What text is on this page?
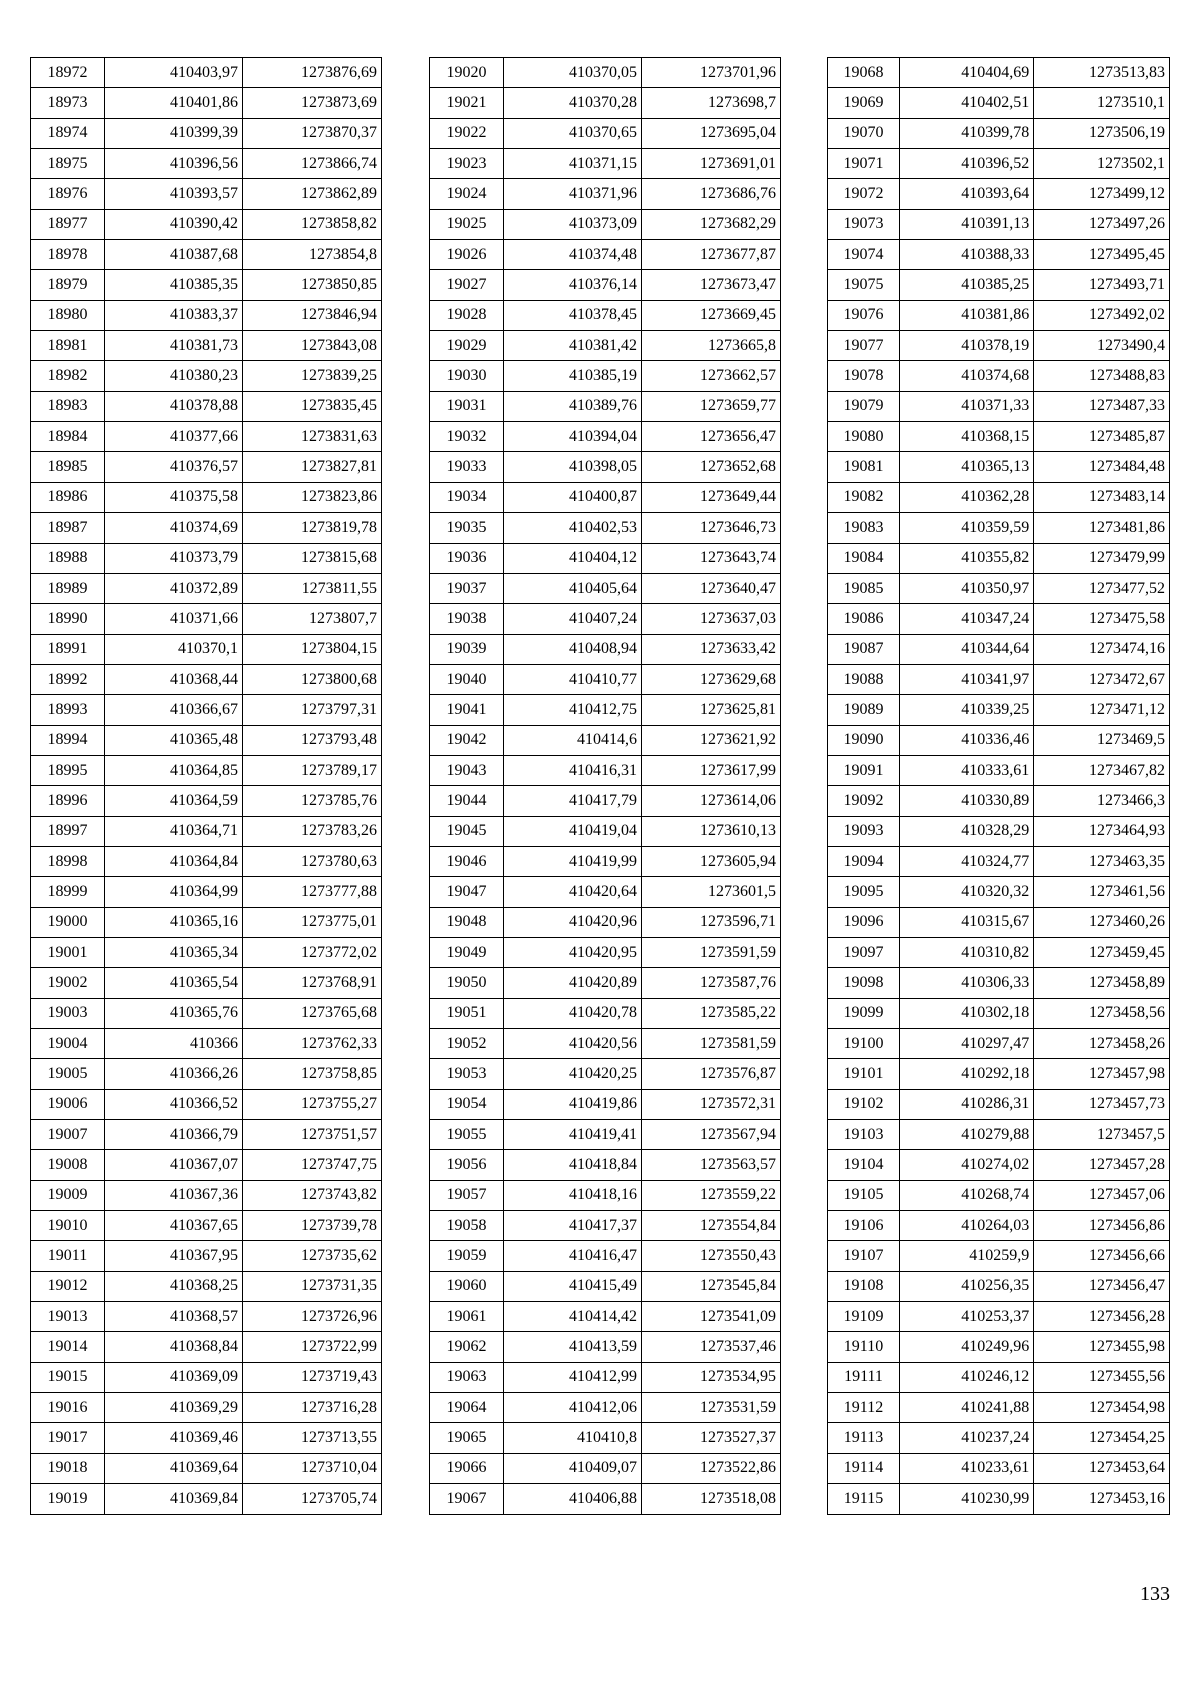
18972	410403,97	1273876,69
18973	410401,86	1273873,69
18974	410399,39	1273870,37
18975	410396,56	1273866,74
18976	410393,57	1273862,89
18977	410390,42	1273858,82
18978	410387,68	1273854,8
18979	410385,35	1273850,85
18980	410383,37	1273846,94
18981	410381,73	1273843,08
18982	410380,23	1273839,25
18983	410378,88	1273835,45
18984	410377,66	1273831,63
18985	410376,57	1273827,81
18986	410375,58	1273823,86
18987	410374,69	1273819,78
18988	410373,79	1273815,68
18989	410372,89	1273811,55
18990	410371,66	1273807,7
18991	410370,1	1273804,15
18992	410368,44	1273800,68
18993	410366,67	1273797,31
18994	410365,48	1273793,48
18995	410364,85	1273789,17
18996	410364,59	1273785,76
18997	410364,71	1273783,26
18998	410364,84	1273780,63
18999	410364,99	1273777,88
19000	410365,16	1273775,01
19001	410365,34	1273772,02
19002	410365,54	1273768,91
19003	410365,76	1273765,68
19004	410366	1273762,33
19005	410366,26	1273758,85
19006	410366,52	1273755,27
19007	410366,79	1273751,57
19008	410367,07	1273747,75
19009	410367,36	1273743,82
19010	410367,65	1273739,78
19011	410367,95	1273735,62
19012	410368,25	1273731,35
19013	410368,57	1273726,96
19014	410368,84	1273722,99
19015	410369,09	1273719,43
19016	410369,29	1273716,28
19017	410369,46	1273713,55
19018	410369,64	1273710,04
19019	410369,84	1273705,74
19020	410370,05	1273701,96
19021	410370,28	1273698,7
19022	410370,65	1273695,04
19023	410371,15	1273691,01
19024	410371,96	1273686,76
19025	410373,09	1273682,29
19026	410374,48	1273677,87
19027	410376,14	1273673,47
19028	410378,45	1273669,45
19029	410381,42	1273665,8
19030	410385,19	1273662,57
19031	410389,76	1273659,77
19032	410394,04	1273656,47
19033	410398,05	1273652,68
19034	410400,87	1273649,44
19035	410402,53	1273646,73
19036	410404,12	1273643,74
19037	410405,64	1273640,47
19038	410407,24	1273637,03
19039	410408,94	1273633,42
19040	410410,77	1273629,68
19041	410412,75	1273625,81
19042	410414,6	1273621,92
19043	410416,31	1273617,99
19044	410417,79	1273614,06
19045	410419,04	1273610,13
19046	410419,99	1273605,94
19047	410420,64	1273601,5
19048	410420,96	1273596,71
19049	410420,95	1273591,59
19050	410420,89	1273587,76
19051	410420,78	1273585,22
19052	410420,56	1273581,59
19053	410420,25	1273576,87
19054	410419,86	1273572,31
19055	410419,41	1273567,94
19056	410418,84	1273563,57
19057	410418,16	1273559,22
19058	410417,37	1273554,84
19059	410416,47	1273550,43
19060	410415,49	1273545,84
19061	410414,42	1273541,09
19062	410413,59	1273537,46
19063	410412,99	1273534,95
19064	410412,06	1273531,59
19065	410410,8	1273527,37
19066	410409,07	1273522,86
19067	410406,88	1273518,08
19068	410404,69	1273513,83
19069	410402,51	1273510,1
19070	410399,78	1273506,19
19071	410396,52	1273502,1
19072	410393,64	1273499,12
19073	410391,13	1273497,26
19074	410388,33	1273495,45
19075	410385,25	1273493,71
19076	410381,86	1273492,02
19077	410378,19	1273490,4
19078	410374,68	1273488,83
19079	410371,33	1273487,33
19080	410368,15	1273485,87
19081	410365,13	1273484,48
19082	410362,28	1273483,14
19083	410359,59	1273481,86
19084	410355,82	1273479,99
19085	410350,97	1273477,52
19086	410347,24	1273475,58
19087	410344,64	1273474,16
19088	410341,97	1273472,67
19089	410339,25	1273471,12
19090	410336,46	1273469,5
19091	410333,61	1273467,82
19092	410330,89	1273466,3
19093	410328,29	1273464,93
19094	410324,77	1273463,35
19095	410320,32	1273461,56
19096	410315,67	1273460,26
19097	410310,82	1273459,45
19098	410306,33	1273458,89
19099	410302,18	1273458,56
19100	410297,47	1273458,26
19101	410292,18	1273457,98
19102	410286,31	1273457,73
19103	410279,88	1273457,5
19104	410274,02	1273457,28
19105	410268,74	1273457,06
19106	410264,03	1273456,86
19107	410259,9	1273456,66
19108	410256,35	1273456,47
19109	410253,37	1273456,28
19110	410249,96	1273455,98
19111	410246,12	1273455,56
19112	410241,88	1273454,98
19113	410237,24	1273454,25
19114	410233,61	1273453,64
19115	410230,99	1273453,16
133
